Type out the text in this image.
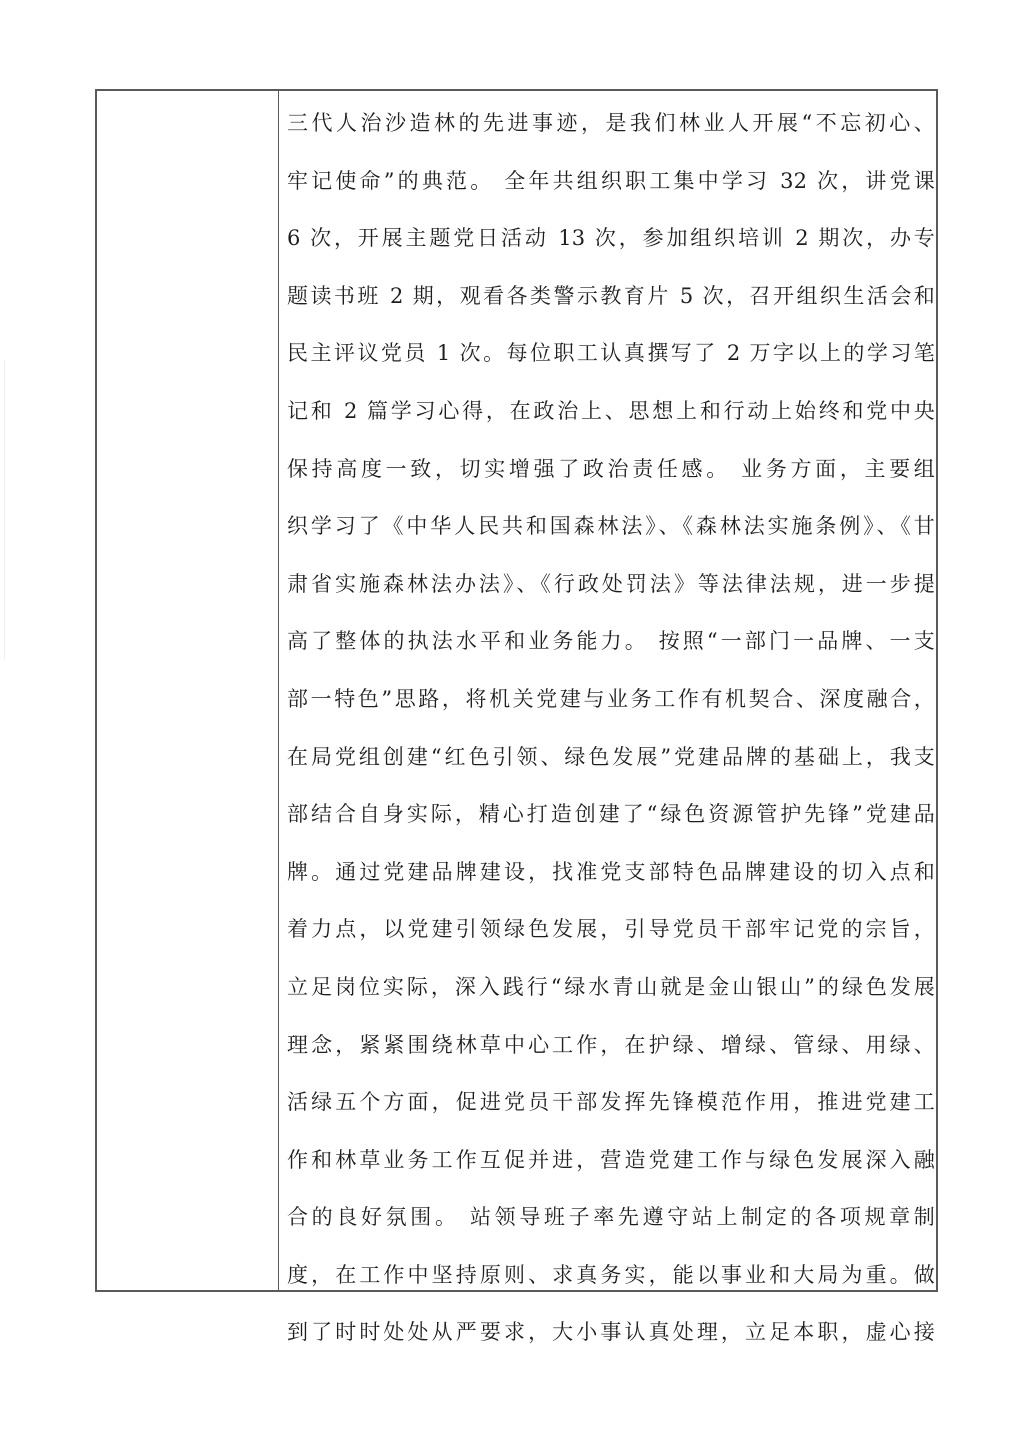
三代人治沙造林的先进事迹，是我们林业人开展“不忘初心、
牢记使命”的典范。 全年共组织职工集中学习 32 次，讲党课
6 次，开展主题党日活动 13 次，参加组织培训 2 期次，办专
题读书班 2 期，观看各类警示教育片 5 次，召开组织生活会和
民主评议党员 1 次。每位职工认真撰写了 2 万字以上的学习笔
记和 2 篇学习心得，在政治上、思想上和行动上始终和党中央
保持高度一致，切实增强了政治责任感。 业务方面，主要组
织学习了《中华人民共和国森林法》、《森林法实施条例》、《甘
肃省实施森林法办法》、《行政处罚法》等法律法规，进一步提
高了整体的执法水平和业务能力。 按照“一部门一品牌、一支
部一特色”思路，将机关党建与业务工作有机契合、深度融合，
在局党组创建“红色引领、绿色发展”党建品牌的基础上，我支
部结合自身实际，精心打造创建了“绿色资源管护先锋”党建品
牌。通过党建品牌建设，找准党支部特色品牌建设的切入点和
着力点，以党建引领绿色发展，引导党员干部牢记党的宗旨，
立足岗位实际，深入践行“绿水青山就是金山银山”的绿色发展
理念，紧紧围绕林草中心工作，在护绿、增绿、管绿、用绿、
活绿五个方面，促进党员干部发挥先锋模范作用，推进党建工
作和林草业务工作互促并进，营造党建工作与绿色发展深入融
合的良好氛围。 站领导班子率先遵守站上制定的各项规章制
度，在工作中坚持原则、求真务实，能以事业和大局为重。做
到了时时处处从严要求，大小事认真处理，立足本职，虚心接
